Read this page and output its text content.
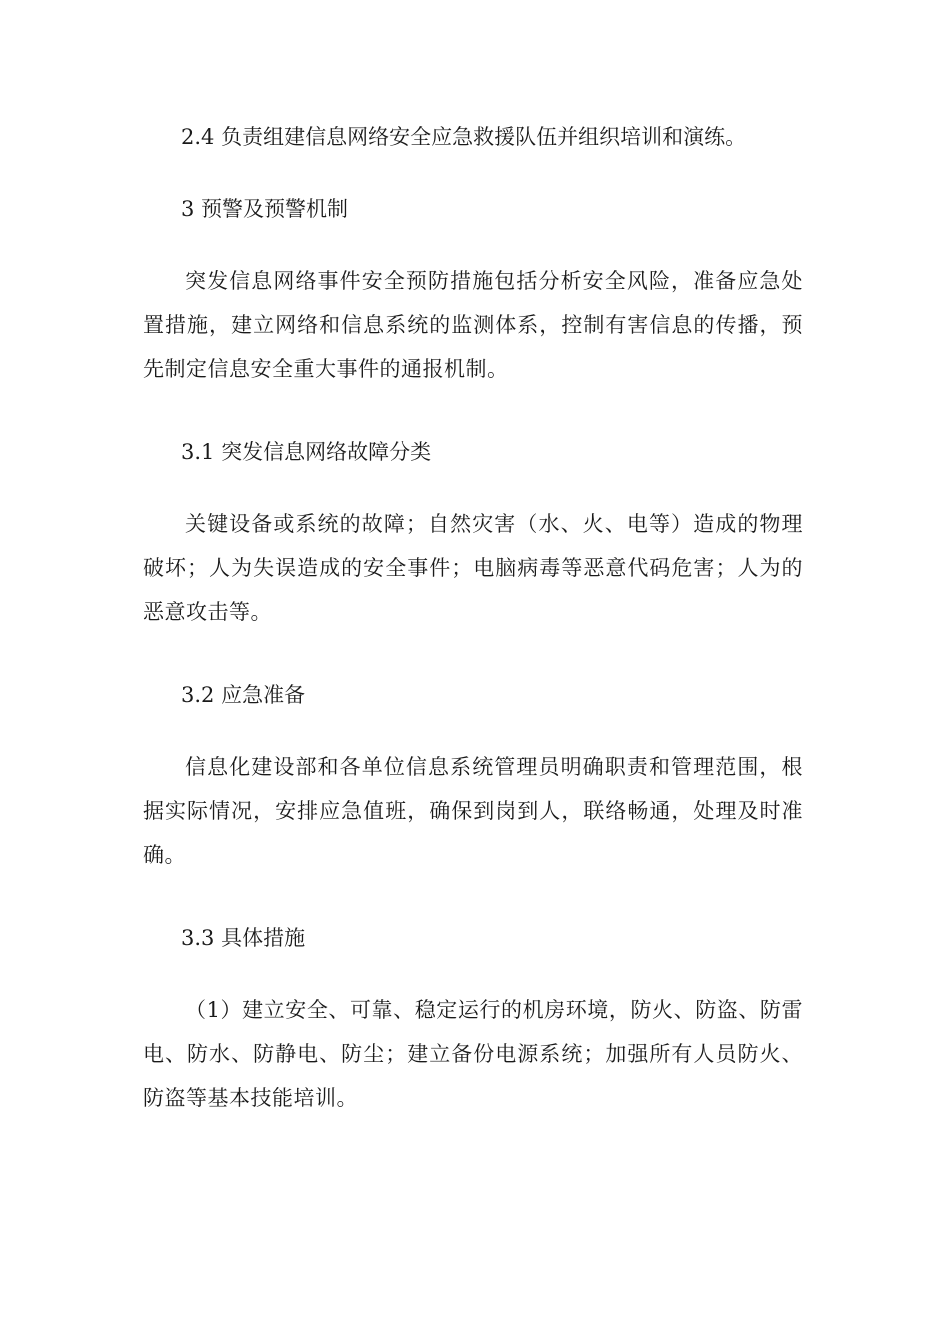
2.4 负责组建信息网络安全应急救援队伍并组织培训和演练。
3 预警及预警机制
突发信息网络事件安全预防措施包括分析安全风险，准备应急处置措施，建立网络和信息系统的监测体系，控制有害信息的传播，预先制定信息安全重大事件的通报机制。
3.1 突发信息网络故障分类
关键设备或系统的故障；自然灾害（水、火、电等）造成的物理破坏；人为失误造成的安全事件；电脑病毒等恶意代码危害；人为的恶意攻击等。
3.2 应急准备
信息化建设部和各单位信息系统管理员明确职责和管理范围，根据实际情况，安排应急值班，确保到岗到人，联络畅通，处理及时准确。
3.3 具体措施
（1）建立安全、可靠、稳定运行的机房环境，防火、防盗、防雷电、防水、防静电、防尘；建立备份电源系统；加强所有人员防火、防盗等基本技能培训。
